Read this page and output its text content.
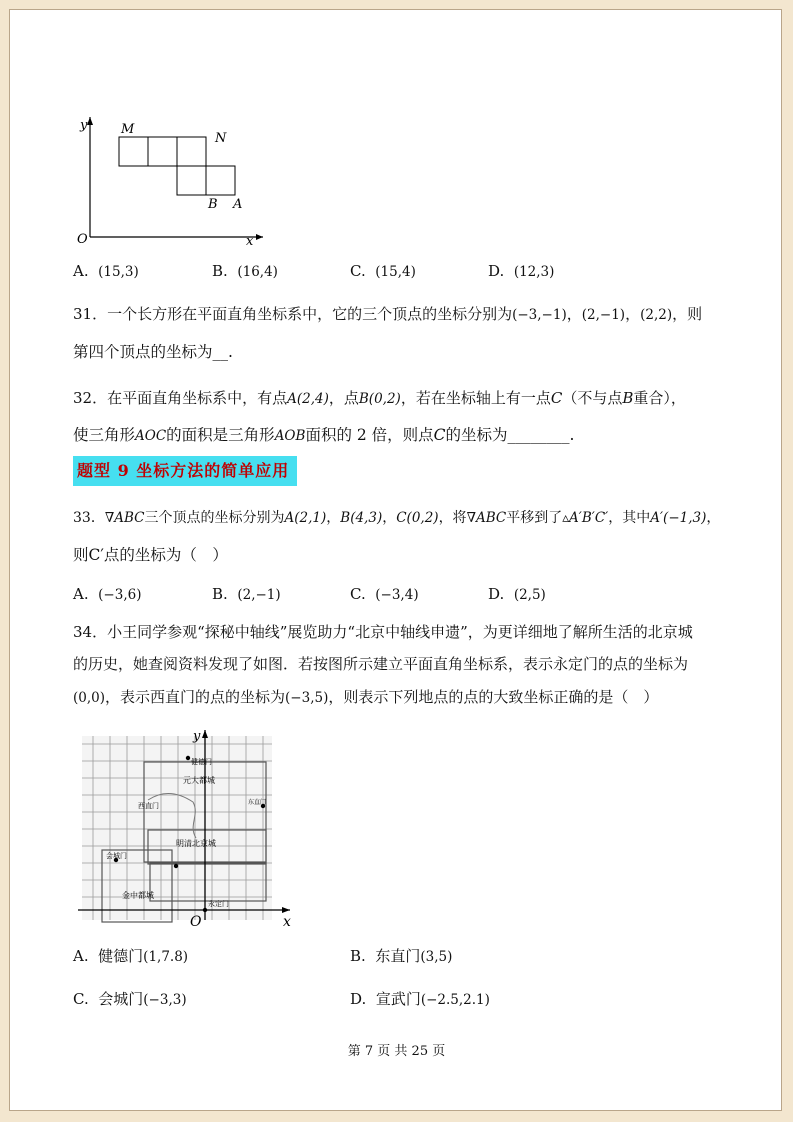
y
x
O
M
N
B A
A. (15,3)	B. (16,4)	C. (15,4)	D. (12,3)
31．一个长方形在平面直角坐标系中，它的三个顶点的坐标分别为(−3,−1)，(2,−1)，(2,2)，则
第四个顶点的坐标为__.
32．在平面直角坐标系中，有点A(2,4)，点B(0,2)，若在坐标轴上有一点C（不与点B重合），
使三角形AOC的面积是三角形AOB面积的 2 倍，则点C的坐标为________.
题型 9 坐标方法的简单应用
33．∇ABC三个顶点的坐标分别为A(2,1)，B(4,3)，C(0,2)，将∇ABC平移到了▵A′B′C′，其中A′(−1,3)，
则C′点的坐标为（　）
A. (−3,6)	B. (2,−1)	C. (−3,4)	D. (2,5)
34．小王同学参观“探秘中轴线”展览助力“北京中轴线申遗”，为更详细地了解所生活的北京城
的历史，她查阅资料发现了如图．若按图所示建立平面直角坐标系，表示永定门的点的坐标为
(0,0)，表示西直门的点的坐标为(−3,5)，则表示下列地点的点的大致坐标正确的是（　）
健德门
元大都城
西直门	东直门
明清北京城
会城门
金中都城
永定门
y
x
O
A. 健德门(1,7.8)	B. 东直门(3,5)
C. 会城门(−3,3)	D. 宣武门(−2.5,2.1)
第 7 页 共 25 页
